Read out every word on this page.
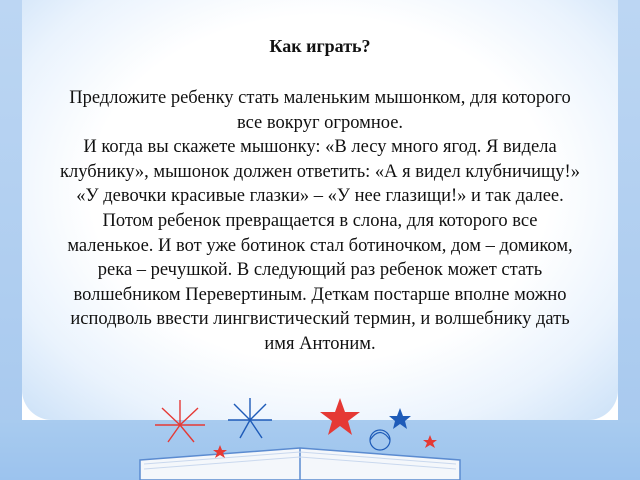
Как играть?
Предложите ребенку стать маленьким мышонком, для которого
все вокруг огромное.
И когда вы скажете мышонку: «В лесу много ягод. Я видела
клубнику», мышонок должен ответить: «А я видел клубничищу!»
«У девочки красивые глазки» – «У нее глазищи!» и так далее.
Потом ребенок превращается в слона, для которого все
маленькое. И вот уже ботинок стал ботиночком, дом – домиком,
река – речушкой. В следующий раз ребенок может стать
волшебником Перевертиным. Деткам постарше вполне можно
исподволь ввести лингвистический термин, и волшебнику дать
имя Антоним.
